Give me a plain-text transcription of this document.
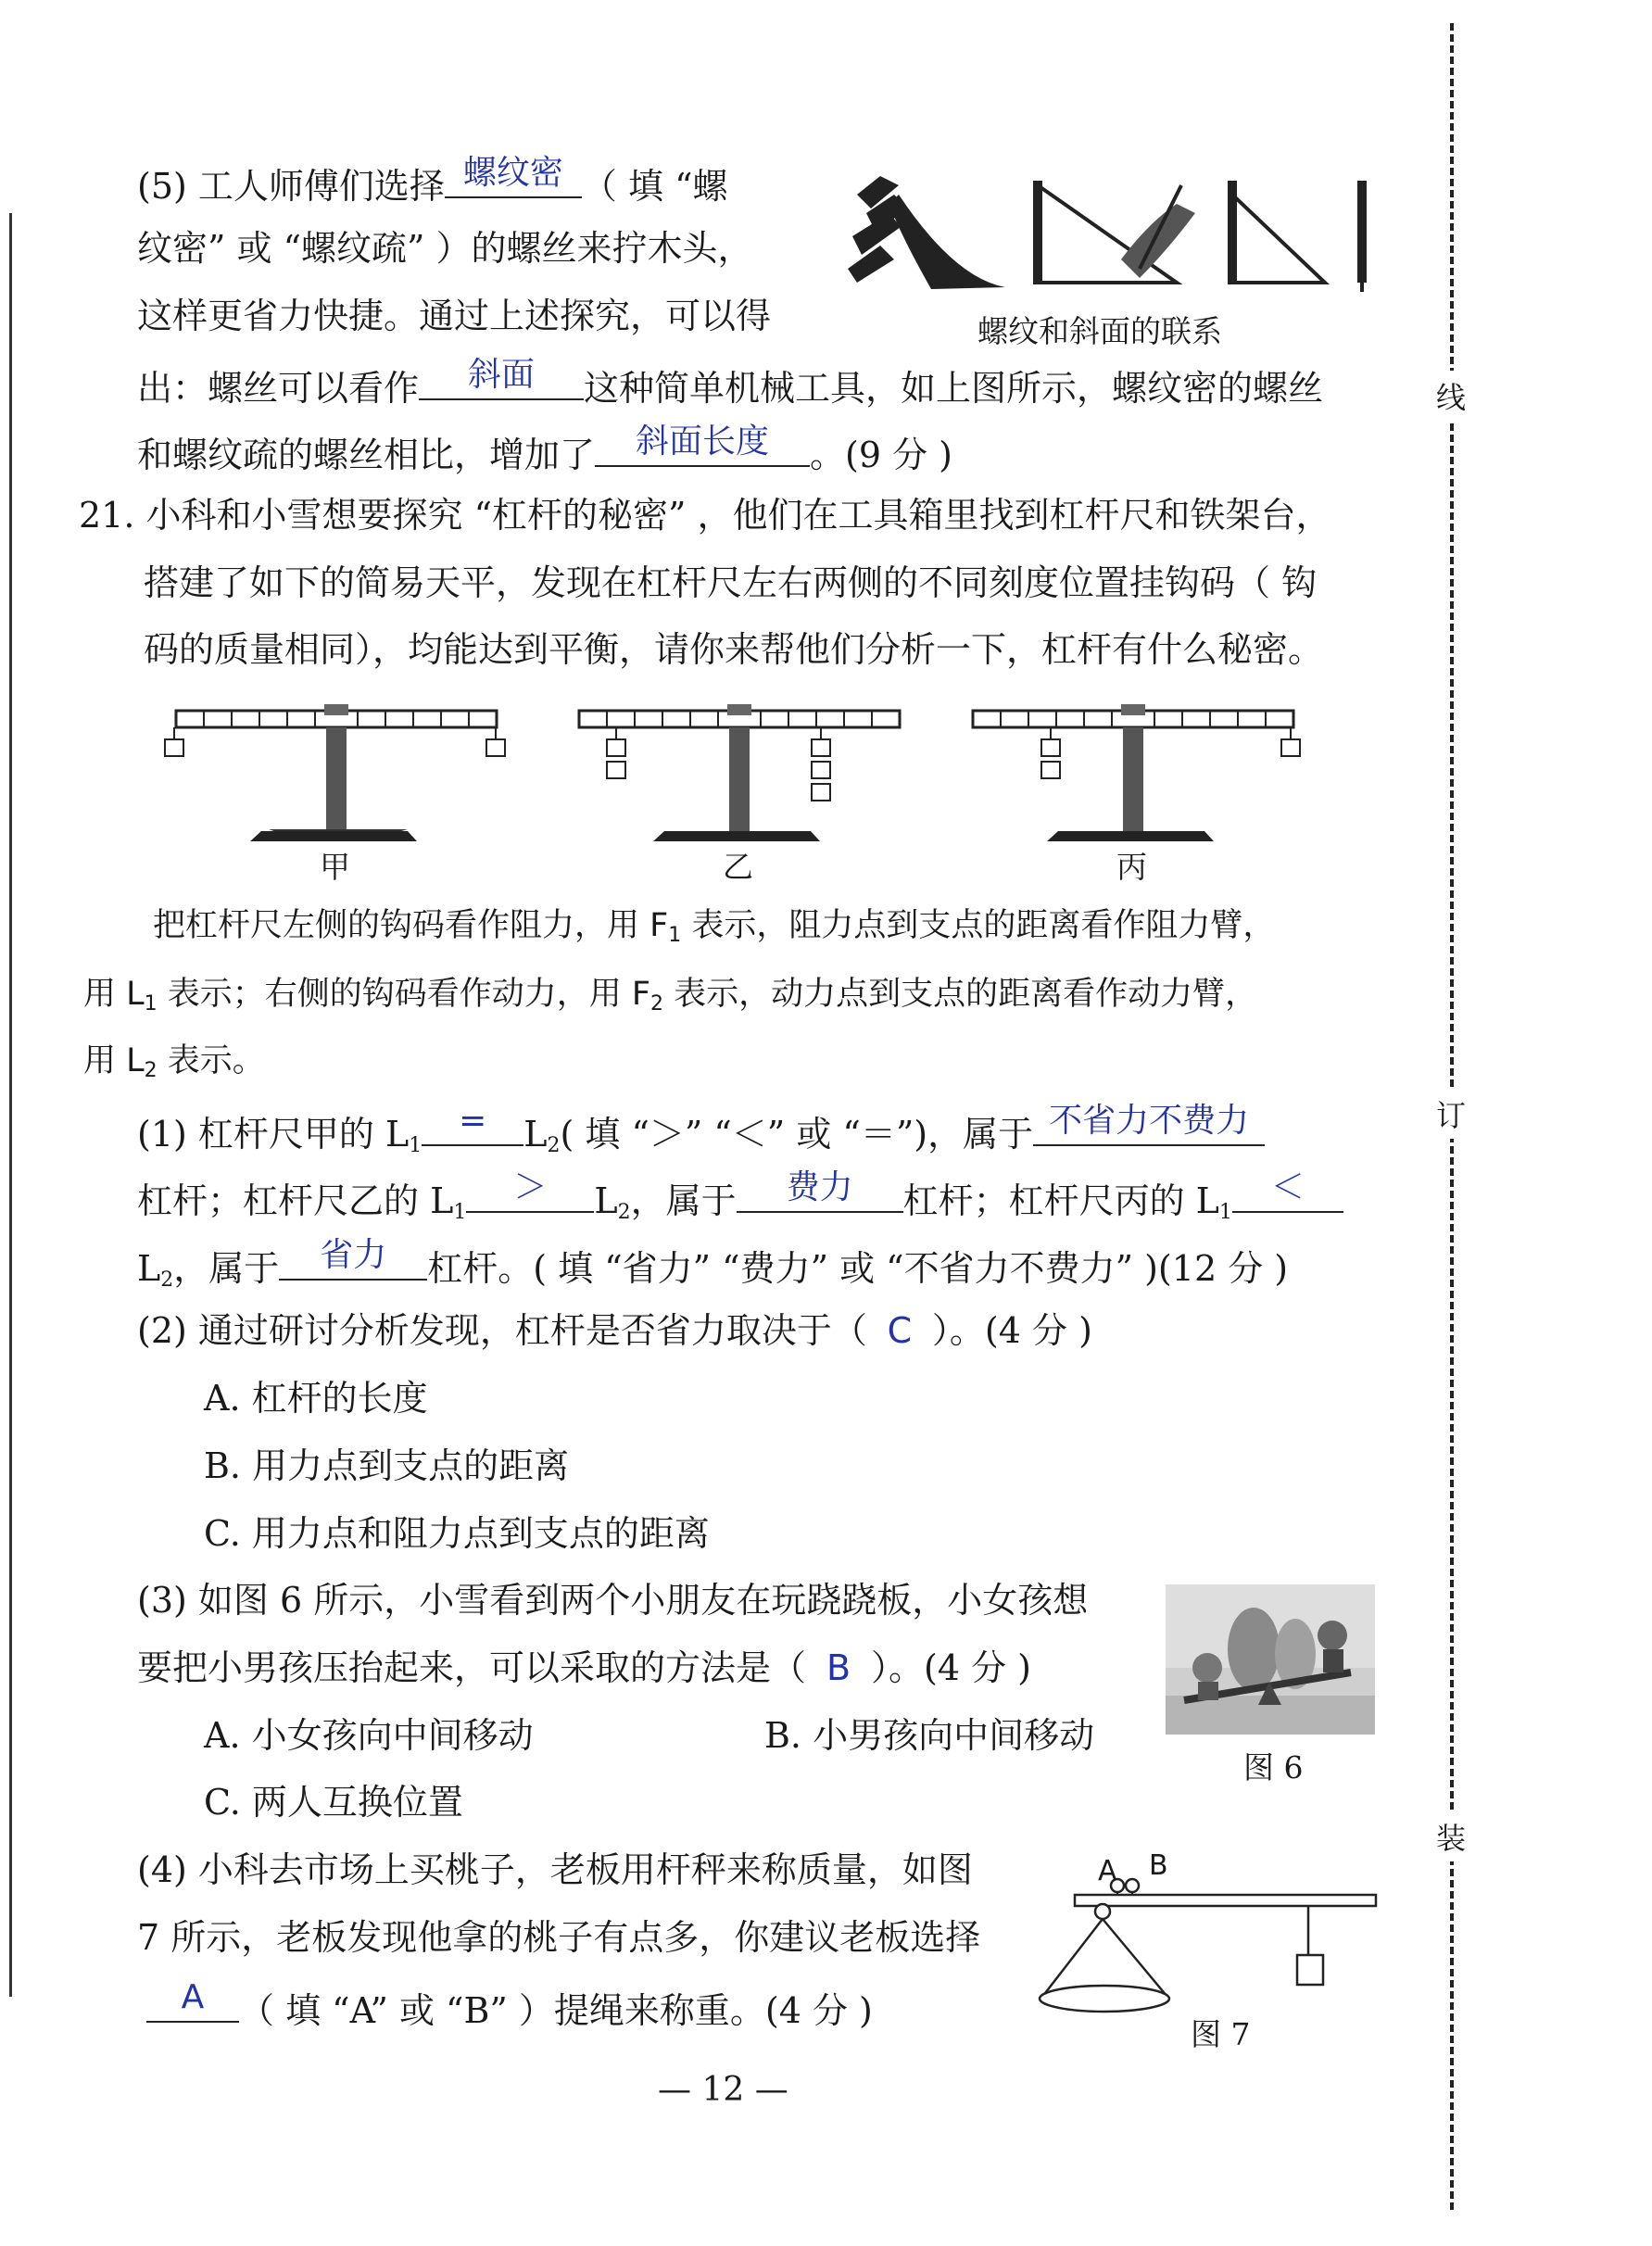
线
订
装
(5) 工人师傅们选择 螺纹密 （ 填 “螺
纹密” 或 “螺纹疏” ）的螺丝来拧木头，
这样更省力快捷。通过上述探究，可以得
出：螺丝可以看作	斜面	这种简单机械工具，如上图所示，螺纹密的螺丝
和螺纹疏的螺丝相比，增加了	斜面长度	。(9 分 )
螺纹和斜面的联系
21. 小科和小雪想要探究 “杠杆的秘密” ，他们在工具箱里找到杠杆尺和铁架台，
搭建了如下的简易天平，发现在杠杆尺左右两侧的不同刻度位置挂钩码（ 钩
码的质量相同），均能达到平衡，请你来帮他们分析一下，杠杆有什么秘密。
甲	乙	丙
把杠杆尺左侧的钩码看作阻力，用 $F_1$ 表示，阻力点到支点的距离看作阻力臂，
用 $L_1$ 表示；右侧的钩码看作动力，用 $F_2$ 表示，动力点到支点的距离看作动力臂，
用 $L_2$ 表示。
(1) 杠杆尺甲的 $L_1$
=	$L_2$( 填 “＞” “＜” 或 “＝”)，属于 不省力不费力
杠杆；杠杆尺乙的 $L_1$
＞	$L_2$，属于	费力	杠杆；杠杆尺丙的 $L_1$
＜
$L_2$，属于	省力	杠杆。( 填 “省力” “费力” 或 “不省力不费力” )(12 分 )
(2) 通过研讨分析发现，杠杆是否省力取决于（ C ）。(4 分 )
A. 杠杆的长度
B. 用力点到支点的距离
C. 用力点和阻力点到支点的距离
(3) 如图 6 所示，小雪看到两个小朋友在玩跷跷板，小女孩想
要把小男孩压抬起来，可以采取的方法是（ B ）。(4 分 )
A. 小女孩向中间移动	B. 小男孩向中间移动
C. 两人互换位置
图 6
(4) 小科去市场上买桃子，老板用杆秤来称质量，如图
7 所示，老板发现他拿的桃子有点多，你建议老板选择
A （ 填 “A” 或 “B” ）提绳来称重。(4 分 )
A B
图 7
— 12 —
